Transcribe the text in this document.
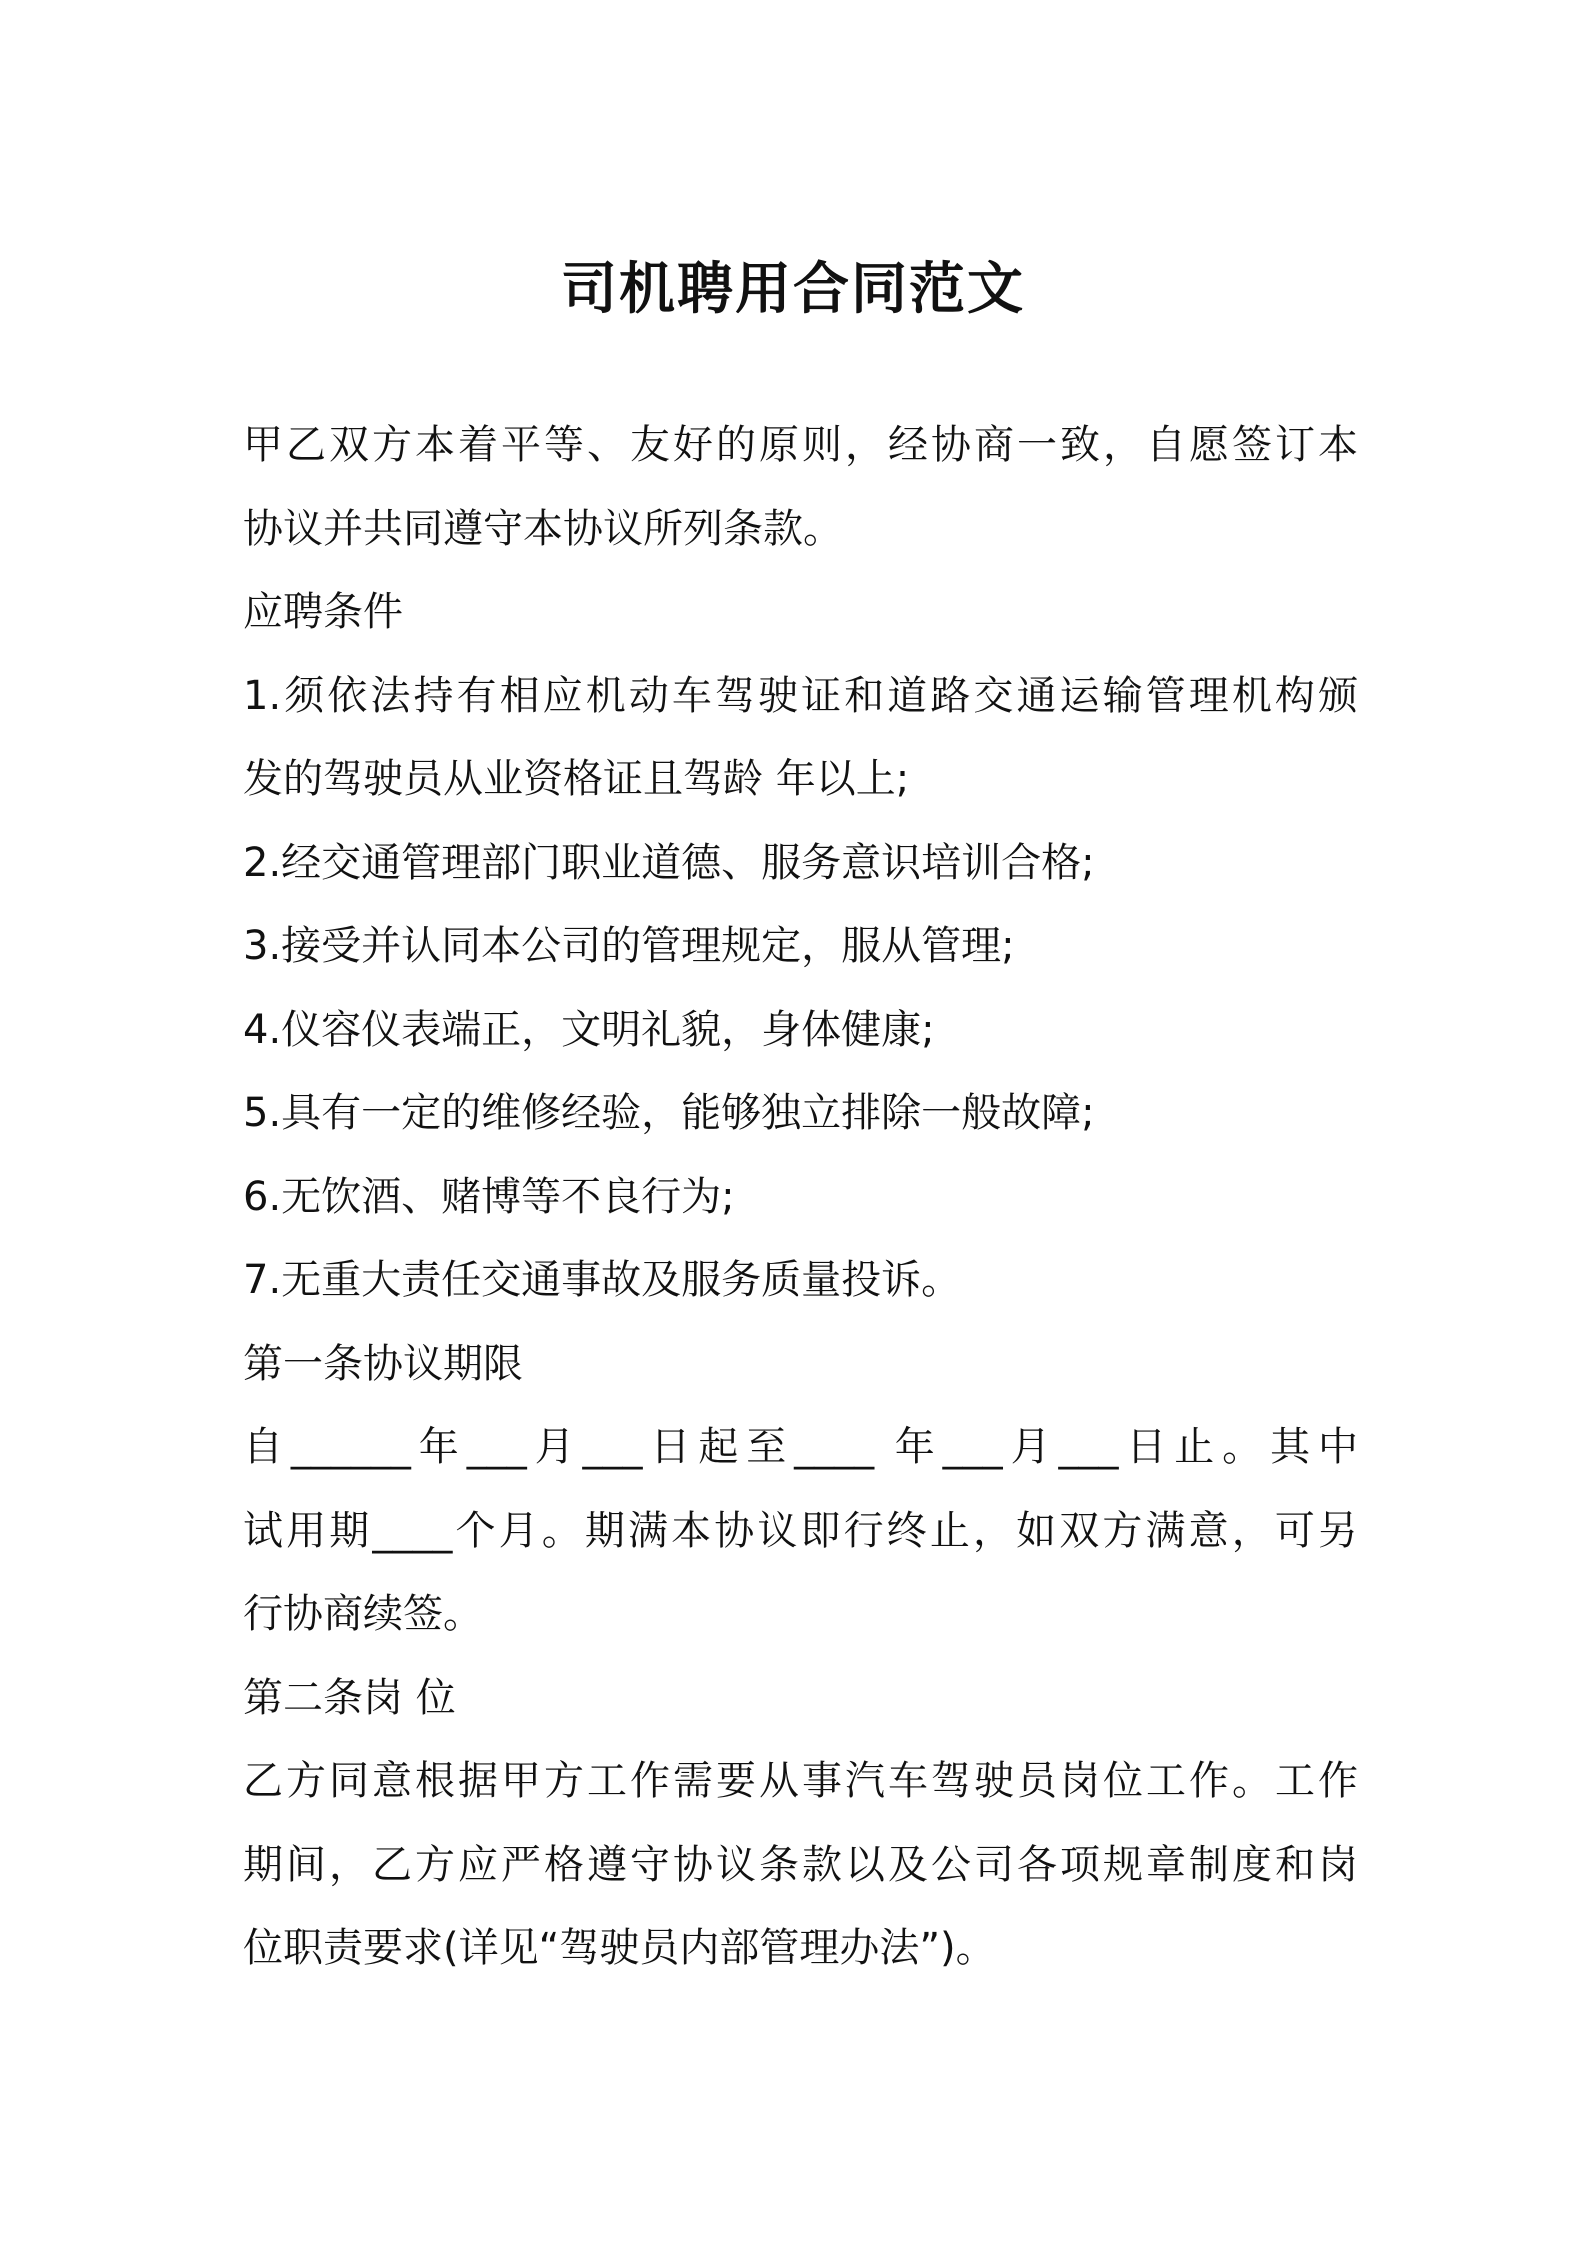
司机聘用合同范文
甲乙双方本着平等、友好的原则，经协商一致，自愿签订本
协议并共同遵守本协议所列条款。
应聘条件
1.须依法持有相应机动车驾驶证和道路交通运输管理机构颁
发的驾驶员从业资格证且驾龄 年以上;
2.经交通管理部门职业道德、服务意识培训合格;
3.接受并认同本公司的管理规定，服从管理;
4.仪容仪表端正，文明礼貌，身体健康;
5.具有一定的维修经验，能够独立排除一般故障;
6.无饮酒、赌博等不良行为;
7.无重大责任交通事故及服务质量投诉。
第一条协议期限
自______年___月___日起至____ 年___月___日止。其中
试用期____个月。期满本协议即行终止，如双方满意，可另
行协商续签。
第二条岗 位
乙方同意根据甲方工作需要从事汽车驾驶员岗位工作。工作
期间，乙方应严格遵守协议条款以及公司各项规章制度和岗
位职责要求(详见“驾驶员内部管理办法”)。
